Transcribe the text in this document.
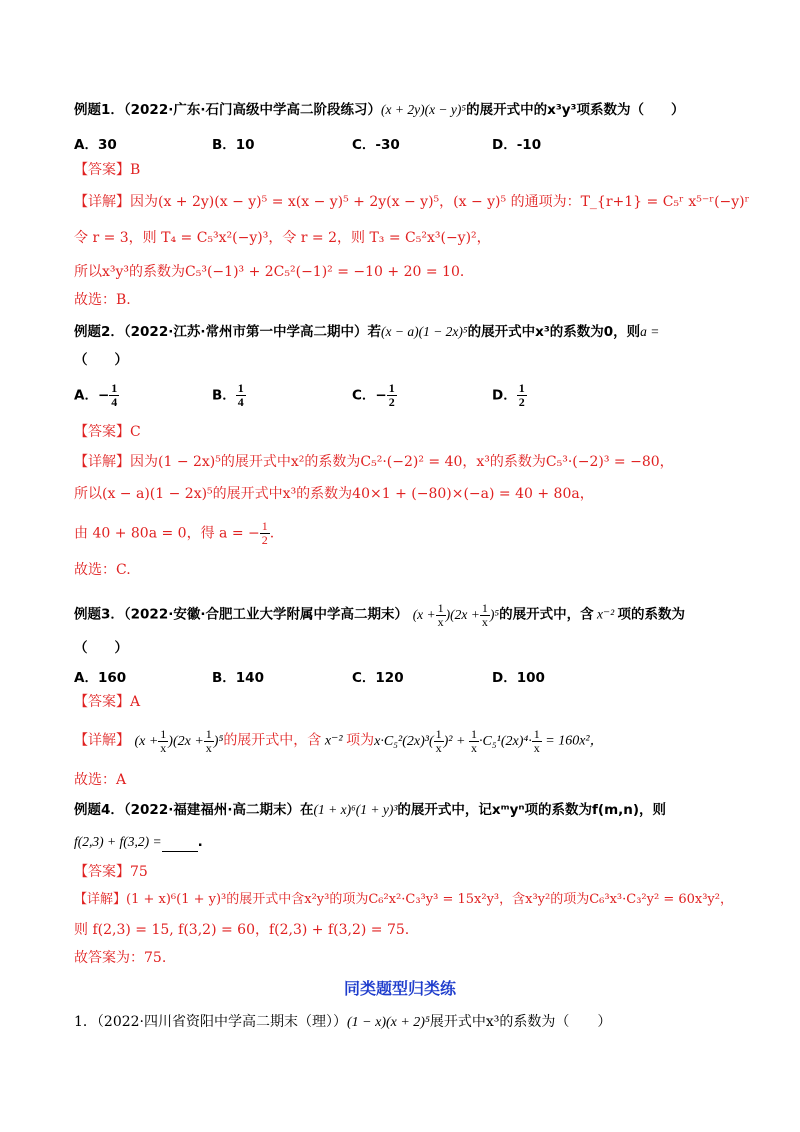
例题1．（2022·广东·石门高级中学高二阶段练习）(x + 2y)(x − y)⁵的展开式中的x³y³项系数为（　　）
A．30	B．10	C．-30	D．-10
【答案】B
【详解】因为(x + 2y)(x − y)⁵ = x(x − y)⁵ + 2y(x − y)⁵，(x − y)⁵ 的通项为：T_{r+1} = C₅ʳ x⁵⁻ʳ(−y)ʳ
令 r = 3，则 T₄ = C₅³x²(−y)³，令 r = 2，则 T₃ = C₅²x³(−y)²，
所以x³y³的系数为C₅³(−1)³ + 2C₅²(−1)² = −10 + 20 = 10．
故选：B.
例题2．（2022·江苏·常州市第一中学高二期中）若(x − a)(1 − 2x)⁵的展开式中x³的系数为0，则a =
（　　）
A．− $\frac{1}{4}$	B． $\frac{1}{4}$	C．− $\frac{1}{2}$	D． $\frac{1}{2}$
【答案】C
【详解】因为(1 − 2x)⁵的展开式中x²的系数为C₅²·(−2)² = 40，x³的系数为C₅³·(−2)³ = −80，
所以(x − a)(1 − 2x)⁵的展开式中x³的系数为40×1 + (−80)×(−a) = 40 + 80a，
由 40 + 80a = 0，得 a = − $\frac{1}{2}$ .
故选：C.
例题3．（2022·安徽·合肥工业大学附属中学高二期末） $(x + \frac{1}{x} )(2x + \frac{1}{x} )^5$的展开式中，含 x⁻² 项的系数为
（　　）
A．160	B．140	C．120	D．100
【答案】A
【详解】 $(x + \frac{1}{x} )(2x + \frac{1}{x} )^5$的展开式中，含 x⁻² 项为$x\cdot C_5^2(2x)^3( \frac{1}{x} )^2 + \frac{1}{x} \cdot C_5^1(2x)^4\cdot \frac{1}{x} = 160x^2$，
故选：A
例题4．（2022·福建福州·高二期末）在(1 + x)⁶(1 + y)³的展开式中，记xᵐyⁿ项的系数为f(m,n)，则
f(2,3) + f(3,2) =	.
【答案】75
【详解】(1 + x)⁶(1 + y)³的展开式中含x²y³的项为C₆²x²·C₃³y³ = 15x²y³，含x³y²的项为C₆³x³·C₃²y² = 60x³y²，
则 f(2,3) = 15, f(3,2) = 60，f(2,3) + f(3,2) = 75.
故答案为：75.
同类题型归类练
1．（2022·四川省资阳中学高二期末（理））(1 − x)(x + 2)⁵展开式中x³的系数为（　　）
